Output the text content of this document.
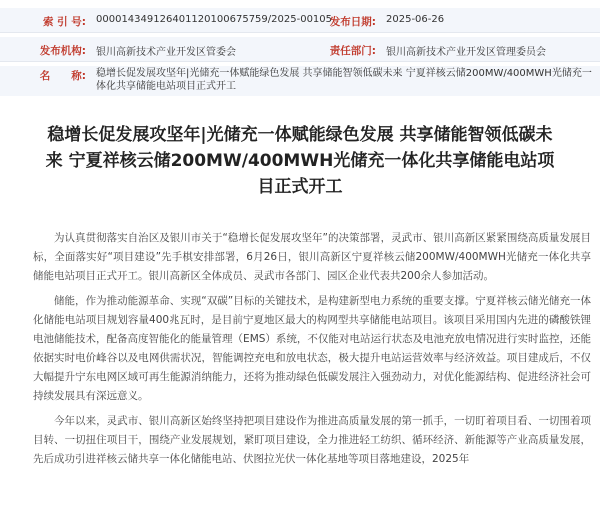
索 引 号: 000014349126401120100675759/2025-00105
发布日期: 2025-06-26
发布机构: 银川高新技术产业开发区管委会	责任部门: 银川高新技术产业开发区管理委员会
名　　称: 稳增长促发展攻坚年|光储充一体赋能绿色发展 共享储能智领低碳未来 宁夏祥核云储200MW/400MWH光储充一体化共享储能电站项目正式开工
稳增长促发展攻坚年|光储充一体赋能绿色发展 共享储能智领低碳未来 宁夏祥核云储200MW/400MWH光储充一体化共享储能电站项目正式开工

为认真贯彻落实自治区及银川市关于“稳增长促发展攻坚年”的决策部署，灵武市、银川高新区紧紧围绕高质量发展目标，全面落实好“项目建设”先手棋安排部署，6月26日，银川高新区宁夏祥核云储200MW/400MWH光储充一体化共享储能电站项目正式开工。银川高新区全体成员、灵武市各部门、园区企业代表共200余人参加活动。

储能，作为推动能源革命、实现“双碳”目标的关键技术，是构建新型电力系统的重要支撑。宁夏祥核云储光储充一体化储能电站项目规划容量400兆瓦时，是目前宁夏地区最大的构网型共享储能电站项目。该项目采用国内先进的磷酸铁锂电池储能技术，配备高度智能化的能量管理（EMS）系统，不仅能对电站运行状态及电池充放电情况进行实时监控，还能依据实时电价峰谷以及电网供需状况，智能调控充电和放电状态，极大提升电站运营效率与经济效益。项目建成后，不仅大幅提升宁东电网区域可再生能源消纳能力，还将为推动绿色低碳发展注入强劲动力，对优化能源结构、促进经济社会可持续发展具有深远意义。

今年以来，灵武市、银川高新区始终坚持把项目建设作为推进高质量发展的第一抓手，一切盯着项目看、一切围着项目转、一切扭住项目干，围绕产业发展规划，紧盯项目建设，全力推进轻工纺织、循环经济、新能源等产业高质量发展，先后成功引进祥核云储共享一体化储能电站、伏图拉光伏一体化基地等项目落地建设，2025年
